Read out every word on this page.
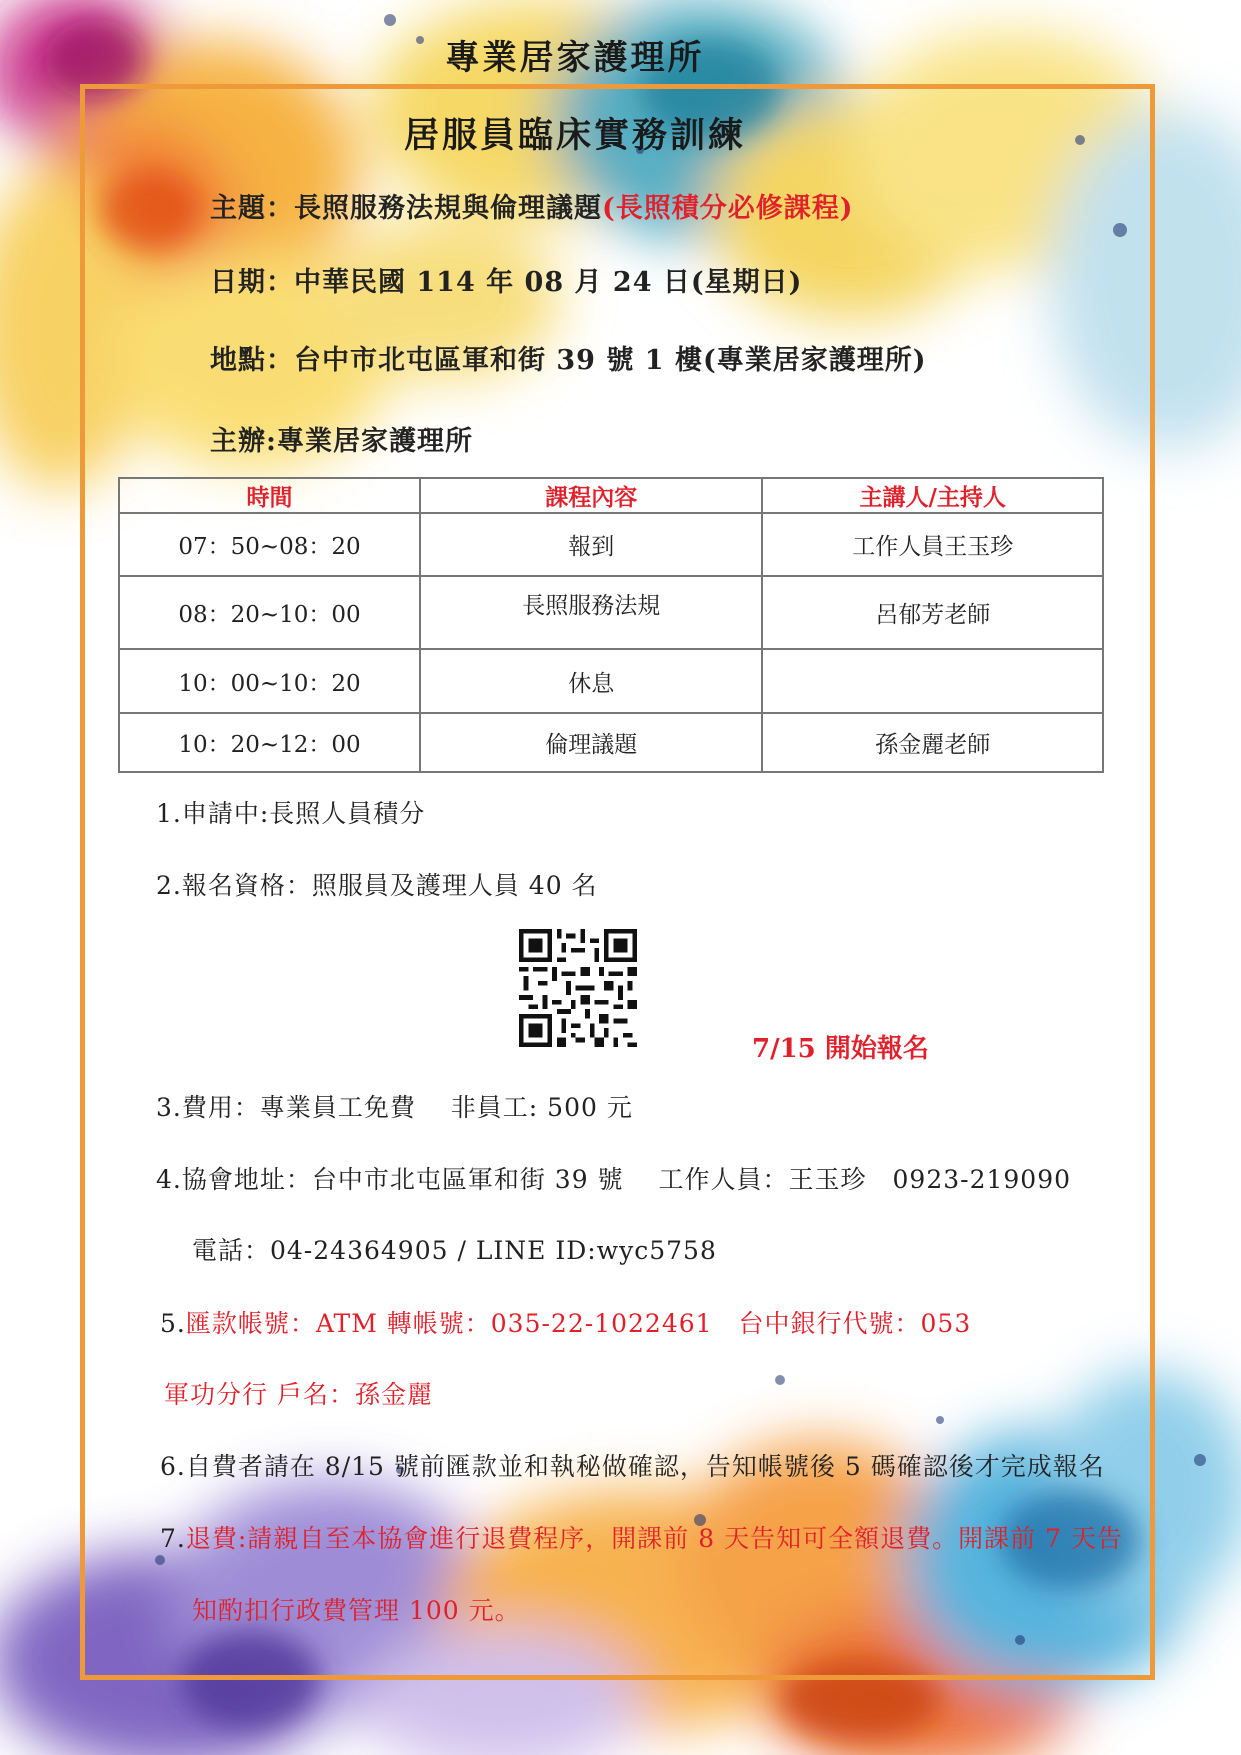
專業居家護理所
居服員臨床實務訓練
主題：長照服務法規與倫理議題(長照積分必修課程)
日期：中華民國 114 年 08 月 24 日(星期日)
地點：台中市北屯區軍和街 39 號 1 樓(專業居家護理所)
主辦:專業居家護理所
時間	課程內容	主講人/主持人
07：50~08：20	報到	工作人員王玉珍
08：20~10：00	長照服務法規	呂郁芳老師
10：00~10：20	休息	
10：20~12：00	倫理議題	孫金麗老師
1.申請中:長照人員積分
2.報名資格：照服員及護理人員 40 名
7/15 開始報名
3.費用：專業員工免費　 非員工: 500 元
4.協會地址：台中市北屯區軍和街 39 號　 工作人員：王玉珍　0923-219090
電話：04-24364905 / LINE ID:wyc5758
5.匯款帳號：ATM 轉帳號：035-22-1022461　台中銀行代號：053
軍功分行 戶名：孫金麗
6.自費者請在 8/15 號前匯款並和執秘做確認，告知帳號後 5 碼確認後才完成報名
7.退費:請親自至本協會進行退費程序，開課前 8 天告知可全額退費。開課前 7 天告
知酌扣行政費管理 100 元。
